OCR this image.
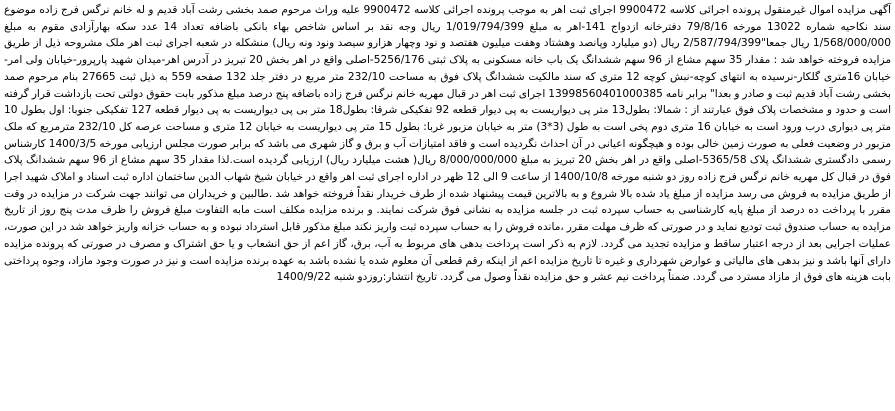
آگهی مزایده اموال غیرمنقول پرونده اجرائی کلاسه 9900472 اجرای ثبت اهر به موجب پرونده اجرائی کلاسه 9900472 علیه وراث مرحوم صمد بخشی رشت آباد قدیم و له خانم نرگس فرج زاده موضوع سند نکاحیه شماره 13022 مورخه 79/8/16 دفترخانه ازدواج 141-اهر به مبلغ 1/019/794/399 ریال وجه نقد بر اساس شاخص بهاء بانکی باضافه تعداد 14 عدد سکه بهارآزادی مقوم به مبلغ 1/568/000/000 ریال جمعا"2/587/794/399 ریال (دو میلیارد وپانصد وهشتاد وهفت میلیون هفتصد و نود وچهار هزارو سیصد ونود ونه ریال) منشکله در شعبه اجرای ثبت اهر ملک مشروحه ذیل از طریق مزایده فروخته خواهد شد : مقدار 35 سهم مشاع از 96 سهم ششدانگ یک باب خانه مسکونی به پلاک ثبتی 5256/176-اصلی واقع در اهر بخش 20 تبریز در آدرس اهر-میدان شهید پارپرور-خیابان ولی امر-خیابان 16متری گلکار-نرسیده به انتهای کوچه-نبش کوچه 12 متری که سند مالکیت ششدانگ پلاک فوق به مساحت 232/10 متر مربع در دفتر جلد 132 صفحه 559 به ذیل ثبت 27665 بنام مرحوم صمد بخشی رشت آباد قدیم ثبت و صادر و بعدا" برابر نامه 13998560401000385 اجرای ثبت اهر در قبال مهریه خانم نرگس فرج زاده باضافه پنج درصد مبلغ مذکور بابت حقوق دولتی تحت بازداشت قرار گرفته است و حدود و مشخصات پلاک فوق عبارتند از : شمالا: بطول13 متر پی دیواریست به پی دیوار قطعه 92 تفکیکی شرقا: بطول18 متر بی پی دیواریست به پی دیوار قطعه 127 تفکیکی جنوبا: اول بطول 10 متر پی دیواری درب ورود است به خیابان 16 متری دوم پخی است به طول (3*3) متر به خیابان مزبور غربا: بطول 15 متر پی دیواریست به خیابان 12 متری و مساحت عرصه کل 232/10 مترمربع که ملک مزبور در وضعیت فعلی به صورت زمین خالی بوده و هیچگونه اعیانی در آن احداث نگردیده است و فاقد امتیازات آب و برق و گاز شهری می باشد که برابر صورت مجلس ارزیابی مورخه 1400/3/5 کارشناس رسمی دادگستری ششدانگ پلاک 5365/58-اصلی واقع در اهر بخش 20 تبریز به مبلغ 8/000/000/000 ریال( هشت میلیارد ریال) ارزیابی گردیده است.لذا مقدار 35 سهم مشاع از 96 سهم ششدانگ پلاک فوق در قبال کل مهریه خانم نرگس فرج زاده روز دو شنبه مورخه 1400/10/8 از ساعت 9 الی 12 ظهر در اداره اجرای ثبت اهر واقع در خیابان شیخ شهاب الدین ساختمان اداره ثبت اسناد و املاک شهید اجرا از طریق مزایده به فروش می رسد مزایده از مبلغ یاد شده بالا شروع و به بالاترین قیمت پیشنهاد شده از طرف خریدار نقداً فروخته خواهد شد .طالبین و خریداران می توانند جهت شرکت در مزایده در وقت مقرر با پرداخت ده درصد از مبلغ پایه کارشناسی به حساب سپرده ثبت در جلسه مزایده به نشانی فوق شرکت نمایند. و برنده مزایده مکلف است مابه التفاوت مبلغ فروش را ظرف مدت پنج روز از تاریخ مزایده به حساب صندوق ثبت تودیع نماید و در صورتی که ظرف مهلت مقرر ،مانده فروش را به حساب سپرده ثبت واریز نکند مبلغ مذکور قابل استرداد نبوده و به حساب خزانه واریز خواهد شد در این صورت، عملیات اجرایی بعد از درجه اعتبار ساقط و مزایده تجدید می گردد. لازم به ذکر است پرداخت بدهی های مربوط به آب، برق، گاز اعم از حق انشعاب و یا حق اشتراک و مصرف در صورتی که پرونده مزایده دارای آنها باشد و نیز بدهی های مالیاتی و عوارض شهرداری و غیره تا تاریخ مزایده اعم از اینکه رقم قطعی آن معلوم شده یا نشده باشد به عهده برنده مزایده است و نیز در صورت وجود مازاد، وجوه پرداختی بابت هزینه های فوق از مازاد مسترد می گردد. ضمناً پرداخت نیم عشر و حق مزایده نقداً وصول می گردد. تاریخ انتشار:روزدو شنبه 1400/9/22
